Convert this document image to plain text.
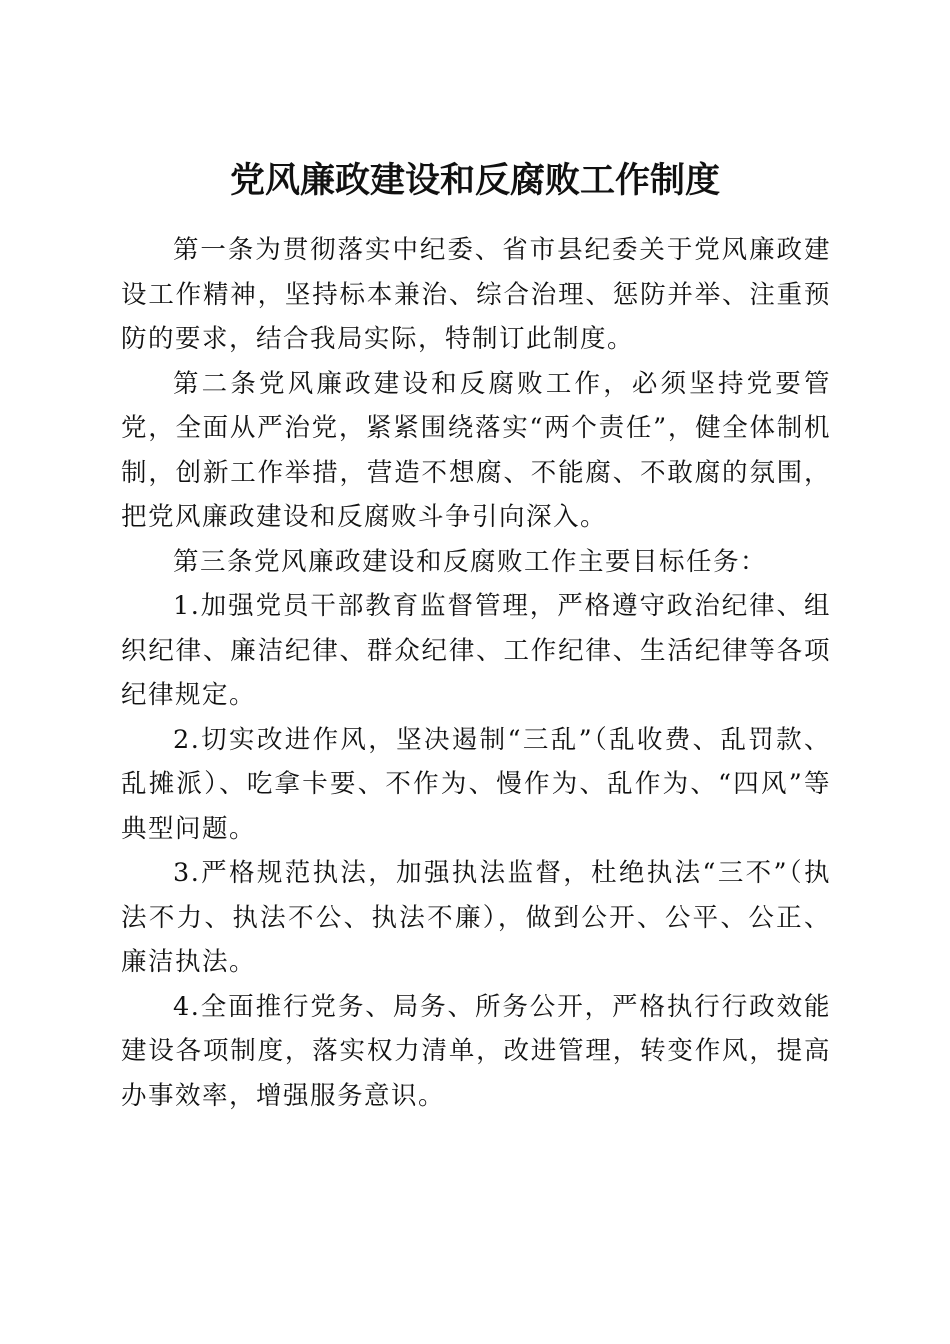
党风廉政建设和反腐败工作制度

第一条为贯彻落实中纪委、省市县纪委关于党风廉政建设工作精神，坚持标本兼治、综合治理、惩防并举、注重预防的要求，结合我局实际，特制订此制度。

第二条党风廉政建设和反腐败工作，必须坚持党要管党，全面从严治党，紧紧围绕落实“两个责任”，健全体制机制，创新工作举措，营造不想腐、不能腐、不敢腐的氛围，把党风廉政建设和反腐败斗争引向深入。

第三条党风廉政建设和反腐败工作主要目标任务：

1.加强党员干部教育监督管理，严格遵守政治纪律、组织纪律、廉洁纪律、群众纪律、工作纪律、生活纪律等各项纪律规定。

2.切实改进作风，坚决遏制“三乱”（乱收费、乱罚款、乱摊派）、吃拿卡要、不作为、慢作为、乱作为、“四风”等典型问题。

3.严格规范执法，加强执法监督，杜绝执法“三不”（执法不力、执法不公、执法不廉），做到公开、公平、公正、廉洁执法。

4.全面推行党务、局务、所务公开，严格执行行政效能建设各项制度，落实权力清单，改进管理，转变作风，提高办事效率，增强服务意识。
